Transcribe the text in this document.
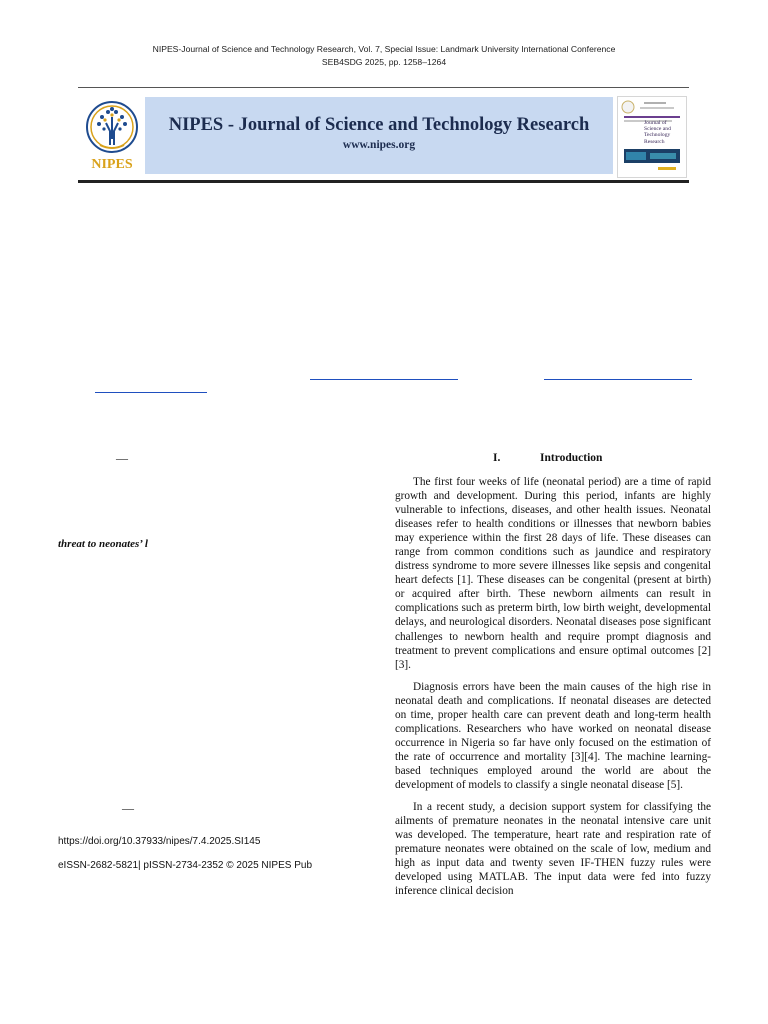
NIPES-Journal of Science and Technology Research, Vol. 7, Special Issue: Landmark University International Conference
SEB4SDG 2025, pp. 1258–1264
NIPES
NIPES - Journal of Science and Technology Research
www.nipes.org
Journal of Science and Technology Research
—
threat to neonates’ l
—
https://doi.org/10.37933/nipes/7.4.2025.SI145
eISSN-2682-5821| pISSN-2734-2352 © 2025 NIPES Pub
I.	Introduction

The first four weeks of life (neonatal period) are a time of rapid growth and development. During this period, infants are highly vulnerable to infections, diseases, and other health issues. Neonatal diseases refer to health conditions or illnesses that newborn babies may experience within the first 28 days of life. These diseases can range from common conditions such as jaundice and respiratory distress syndrome to more severe illnesses like sepsis and congenital heart defects [1]. These diseases can be congenital (present at birth) or acquired after birth. These newborn ailments can result in complications such as preterm birth, low birth weight, developmental delays, and neurological disorders. Neonatal diseases pose significant challenges to newborn health and require prompt diagnosis and treatment to prevent complications and ensure optimal outcomes [2][3].

Diagnosis errors have been the main causes of the high rise in neonatal death and complications. If neonatal diseases are detected on time, proper health care can prevent death and long-term health complications. Researchers who have worked on neonatal disease occurrence in Nigeria so far have only focused on the estimation of the rate of occurrence and mortality [3][4]. The machine learning-based techniques employed around the world are about the development of models to classify a single neonatal disease [5].

In a recent study, a decision support system for classifying the ailments of premature neonates in the neonatal intensive care unit was developed. The temperature, heart rate and respiration rate of premature neonates were obtained on the scale of low, medium and high as input data and twenty seven IF-THEN fuzzy rules were developed using MATLAB. The input data were fed into fuzzy inference clinical decision
